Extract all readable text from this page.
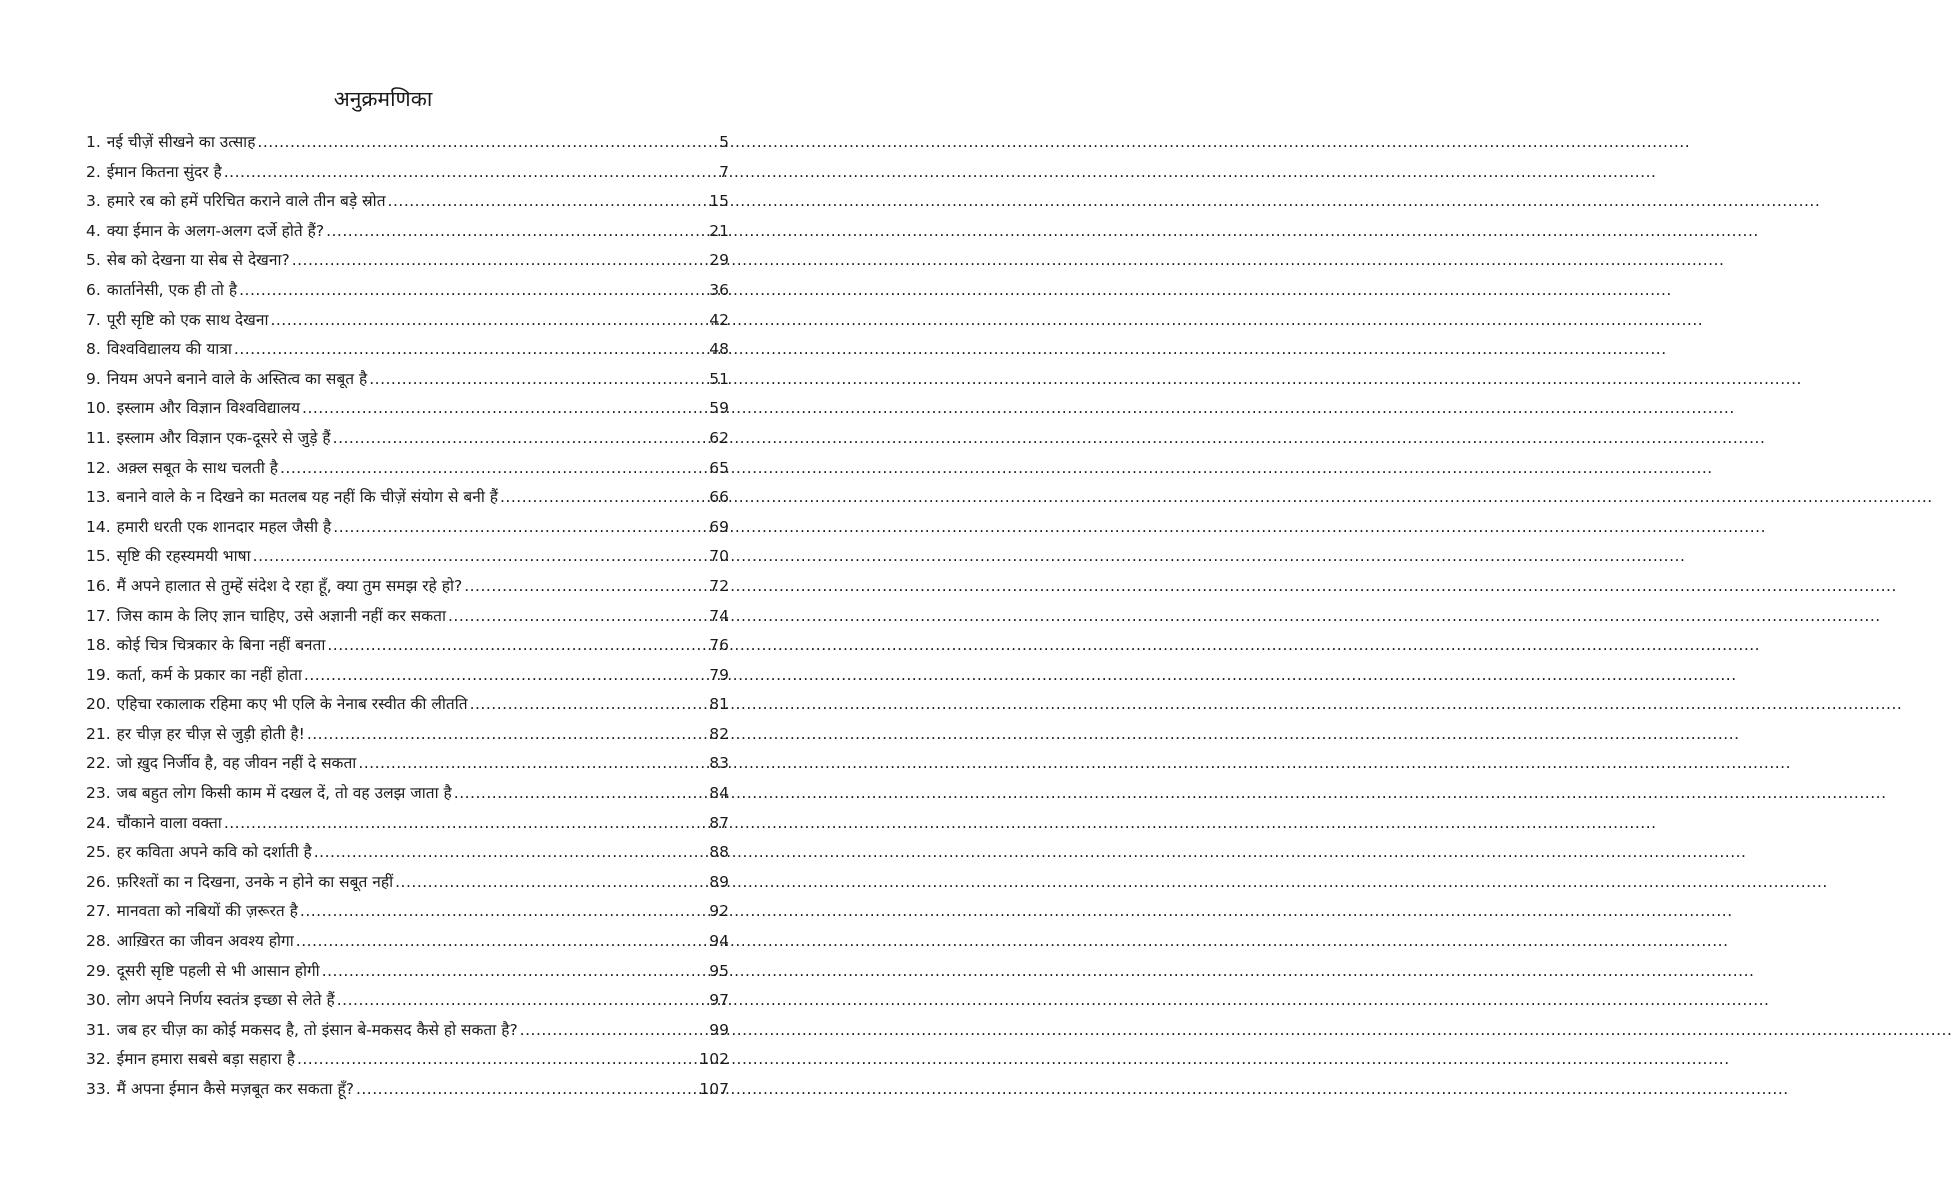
अनुक्रमणिका
1. नई चीज़ें सीखने का उत्साह .....	5
2. ईमान कितना सुंदर है .....	7
3. हमारे रब को हमें परिचित कराने वाले तीन बड़े स्रोत .....	15
4. क्या ईमान के अलग-अलग दर्जे होते हैं? .....	21
5. सेब को देखना या सेब से देखना? .....	29
6. कार्तानेसी, एक ही तो है .....	36
7. पूरी सृष्टि को एक साथ देखना .....	42
8. विश्वविद्यालय की यात्रा .....	48
9. नियम अपने बनाने वाले के अस्तित्व का सबूत है .....	51
10. इस्लाम और विज्ञान विश्वविद्यालय .....	59
11. इस्लाम और विज्ञान एक-दूसरे से जुड़े हैं .....	62
12. अक़्ल सबूत के साथ चलती है .....	65
13. बनाने वाले के न दिखने का मतलब यह नहीं कि चीज़ें संयोग से बनी हैं .....	66
14. हमारी धरती एक शानदार महल जैसी है .....	69
15. सृष्टि की रहस्यमयी भाषा .....	70
16. मैं अपने हालात से तुम्हें संदेश दे रहा हूँ, क्या तुम समझ रहे हो? .....	72
17. जिस काम के लिए ज्ञान चाहिए, उसे अज्ञानी नहीं कर सकता .....	74
18. कोई चित्र चित्रकार के बिना नहीं बनता .....	76
19. कर्ता, कर्म के प्रकार का नहीं होता .....	79
20. एहिचा रकालाक रहिमा कए भी एलि के नेनाब रस्वीत की लीतति .....	81
21. हर चीज़ हर चीज़ से जुड़ी होती है! .....	82
22. जो ख़ुद निर्जीव है, वह जीवन नहीं दे सकता .....	83
23. जब बहुत लोग किसी काम में दखल दें, तो वह उलझ जाता है .....	84
24. चौंकाने वाला वक्ता .....	87
25. हर कविता अपने कवि को दर्शाती है .....	88
26. फ़रिश्तों का न दिखना, उनके न होने का सबूत नहीं .....	89
27. मानवता को नबियों की ज़रूरत है .....	92
28. आख़िरत का जीवन अवश्य होगा .....	94
29. दूसरी सृष्टि पहली से भी आसान होगी .....	95
30. लोग अपने निर्णय स्वतंत्र इच्छा से लेते हैं .....	97
31. जब हर चीज़ का कोई मकसद है, तो इंसान बे-मकसद कैसे हो सकता है? .....	99
32. ईमान हमारा सबसे बड़ा सहारा है .....	102
33. मैं अपना ईमान कैसे मज़बूत कर सकता हूँ? .....	107
